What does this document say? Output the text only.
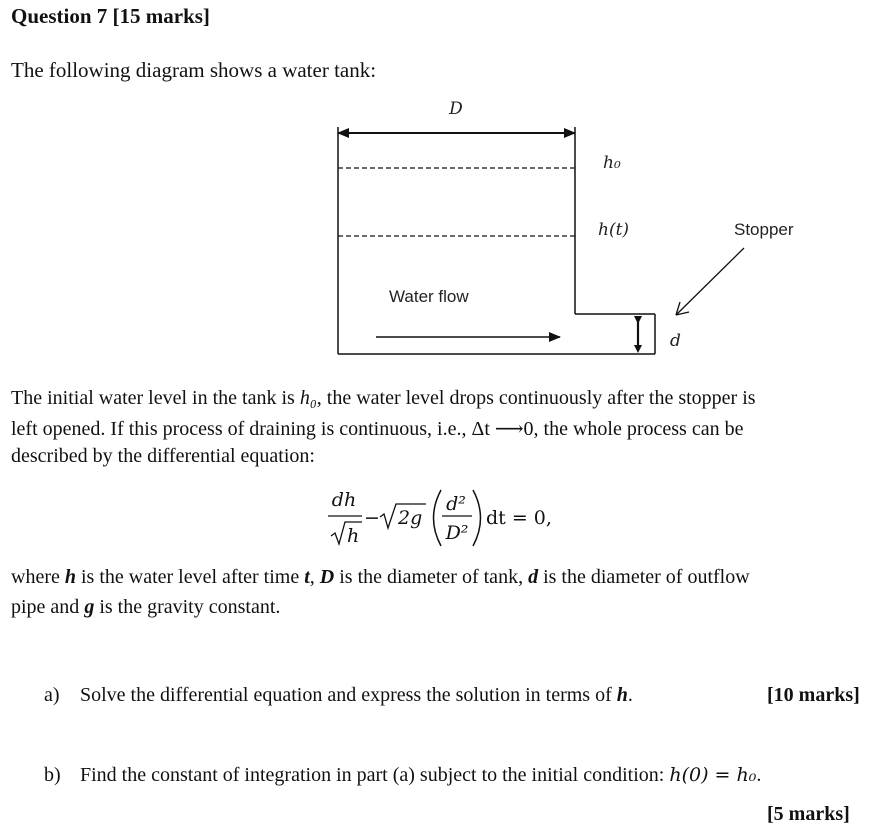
Question 7 [15 marks]
The following diagram shows a water tank:
D
h₀
h(t)	Stopper
Water flow
d
The initial water level in the tank is h₀, the water level drops continuously after the stopper is
left opened. If this process of draining is continuous, i.e., Δt ⟶0, the whole process can be
described by the differential equation:
dh
h
− 2g
d²
D²
dt = 0,
where h is the water level after time t, D is the diameter of tank, d is the diameter of outflow
pipe and g is the gravity constant.
a) Solve the differential equation and express the solution in terms of h.	[10 marks]
b) Find the constant of integration in part (a) subject to the initial condition: h(0) = h₀.
[5 marks]
